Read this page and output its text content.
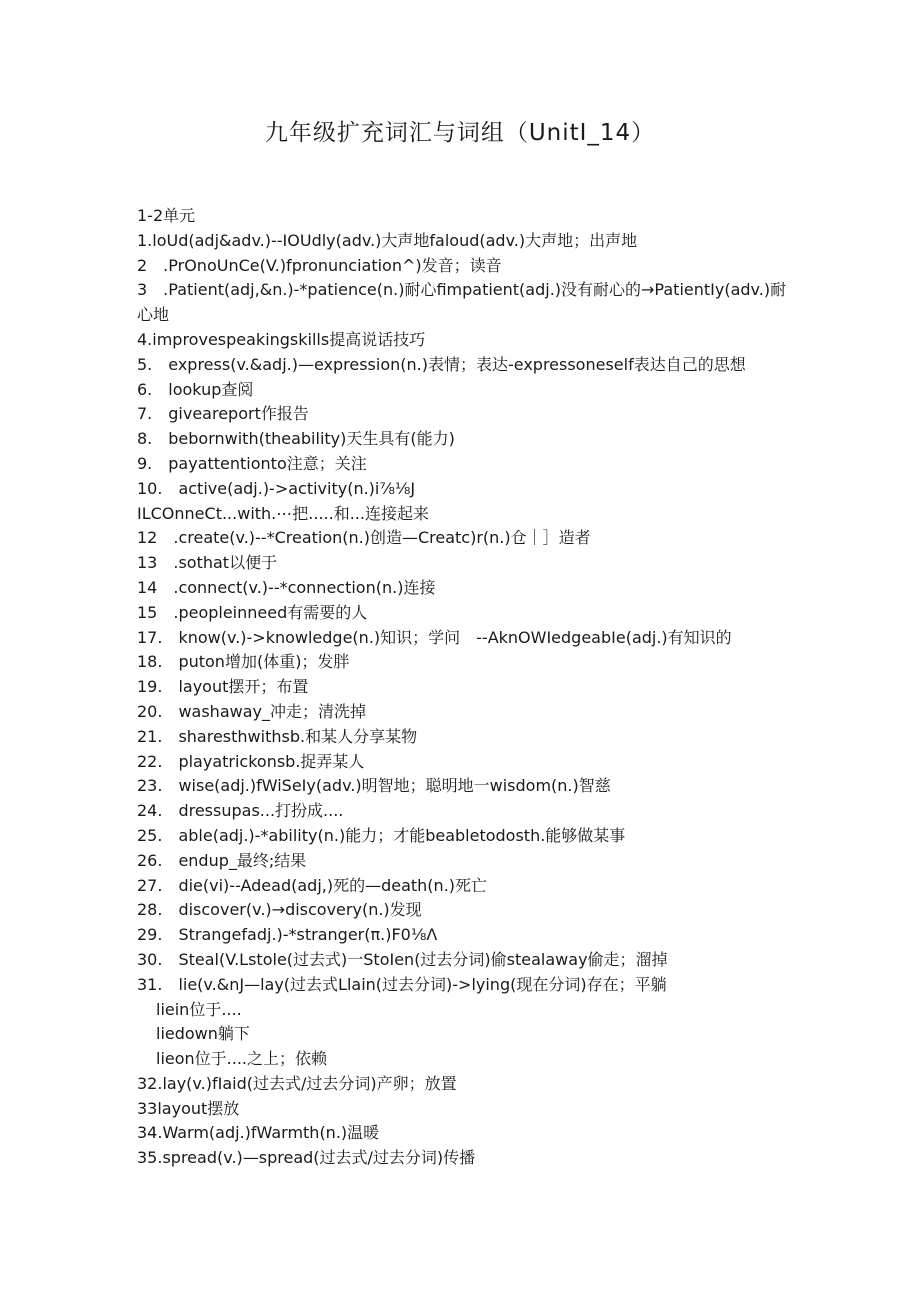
九年级扩充词汇与词组（UnitI_14）
1-2单元
1.loUd(adj&adv.)--IOUdly(adv.)大声地faloud(adv.)大声地；出声地
2　.PrOnoUnCe(V.)fpronunciation^)发音；读音
3　.Patient(adj,&n.)-*patience(n.)耐心fimpatient(adj.)没有耐心的→PatientIy(adv.)耐心地
4.improvespeakingskills提高说话技巧
5.　express(v.&adj.)—expression(n.)表情；表达-expressoneself表达自己的思想
6.　lookup查阅
7.　giveareport作报告
8.　bebornwith(theability)天生具有(能力)
9.　payattentionto注意；关注
10.　active(adj.)->activity(n.)i⅞⅛J
ILCOnneCt...with.⋯把.....和...连接起来
12　.create(v.)--*Creation(n.)创造—Creatc)r(n.)仓｜］造者
13　.sothat以便于
14　.connect(v.)--*connection(n.)连接
15　.peopleinneed有需要的人
17.　know(v.)->knowledge(n.)知识；学问　--AknOWIedgeabIe(adj.)有知识的
18.　puton增加(体重)；发胖
19.　layout摆开；布置
20.　washaway_冲走；清洗掉
21.　sharesthwithsb.和某人分享某物
22.　playatrickonsb.捉弄某人
23.　wise(adj.)fWiSeIy(adv.)明智地；聪明地一wisdom(n.)智慈
24.　dressupas...打扮成....
25.　able(adj.)-*ability(n.)能力；才能beabletodosth.能够做某事
26.　endup_最终;结果
27.　die(vi)--Adead(adj,)死的—death(n.)死亡
28.　discover(v.)→discovery(n.)发现
29.　Strangefadj.)-*stranger(π.)F0⅛Λ
30.　Steal(V.Lstole(过去式)一StoIen(过去分词)偷stealaway偷走；溜掉
31.　lie(v.&nJ—lay(过去式Llain(过去分词)->lying(现在分词)存在；平躺
liein位于....
liedown躺下
lieon位于....之上；依赖
32.lay(v.)fIaid(过去式/过去分词)产卵；放置
33layout摆放
34.Warm(adj.)fWarmth(n.)温暖
35.spread(v.)—spread(过去式/过去分词)传播
